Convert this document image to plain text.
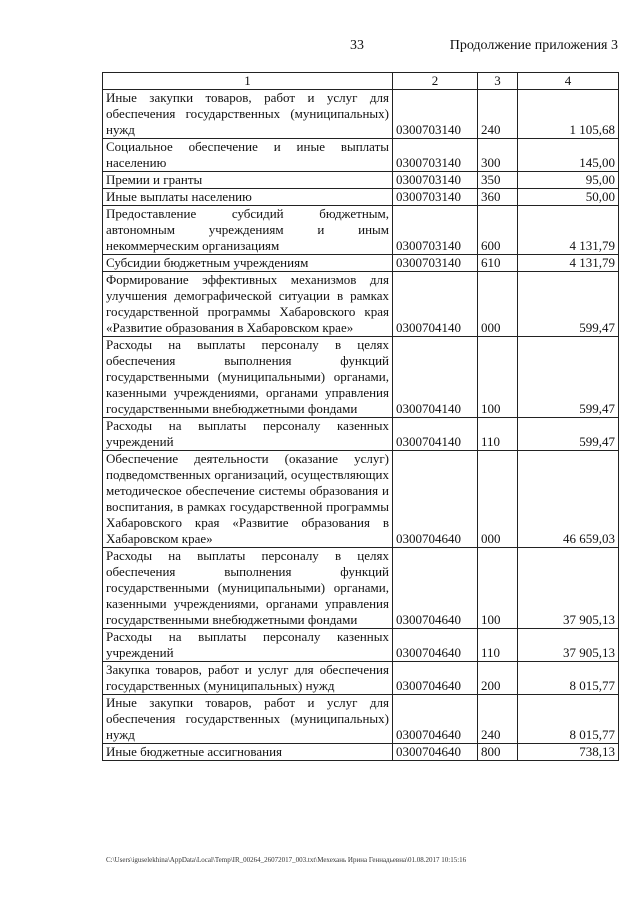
33	Продолжение приложения 3
1	2	3	4
Иные закупки товаров, работ и услуг для обеспечения государственных (муниципальных) нужд	0300703140	240	1 105,68
Социальное обеспечение и иные выплаты населению	0300703140	300	145,00
Премии и гранты	0300703140	350	95,00
Иные выплаты населению	0300703140	360	50,00
Предоставление субсидий бюджетным, автономным учреждениям и иным некоммерческим организациям	0300703140	600	4 131,79
Субсидии бюджетным учреждениям	0300703140	610	4 131,79
Формирование эффективных механизмов для улучшения демографической ситуации в рамках государственной программы Хабаровского края «Развитие образования в Хабаровском крае»	0300704140	000	599,47
Расходы на выплаты персоналу в целях обеспечения выполнения функций государственными (муниципальными) органами, казенными учреждениями, органами управления государственными внебюджетными фондами	0300704140	100	599,47
Расходы на выплаты персоналу казенных учреждений	0300704140	110	599,47
Обеспечение деятельности (оказание услуг) подведомственных организаций, осуществляющих методическое обеспечение системы образования и воспитания, в рамках государственной программы Хабаровского края «Развитие образования в Хабаровском крае»	0300704640	000	46 659,03
Расходы на выплаты персоналу в целях обеспечения выполнения функций государственными (муниципальными) органами, казенными учреждениями, органами управления государственными внебюджетными фондами	0300704640	100	37 905,13
Расходы на выплаты персоналу казенных учреждений	0300704640	110	37 905,13
Закупка товаров, работ и услуг для обеспечения государственных (муниципальных) нужд	0300704640	200	8 015,77
Иные закупки товаров, работ и услуг для обеспечения государственных (муниципальных) нужд	0300704640	240	8 015,77
Иные бюджетные ассигнования	0300704640	800	738,13
C:\Users\iguselekhina\AppData\Local\Temp\IR_00264_26072017_003.txt\Мехехань Ирина Геннадьевна\01.08.2017 10:15:16
